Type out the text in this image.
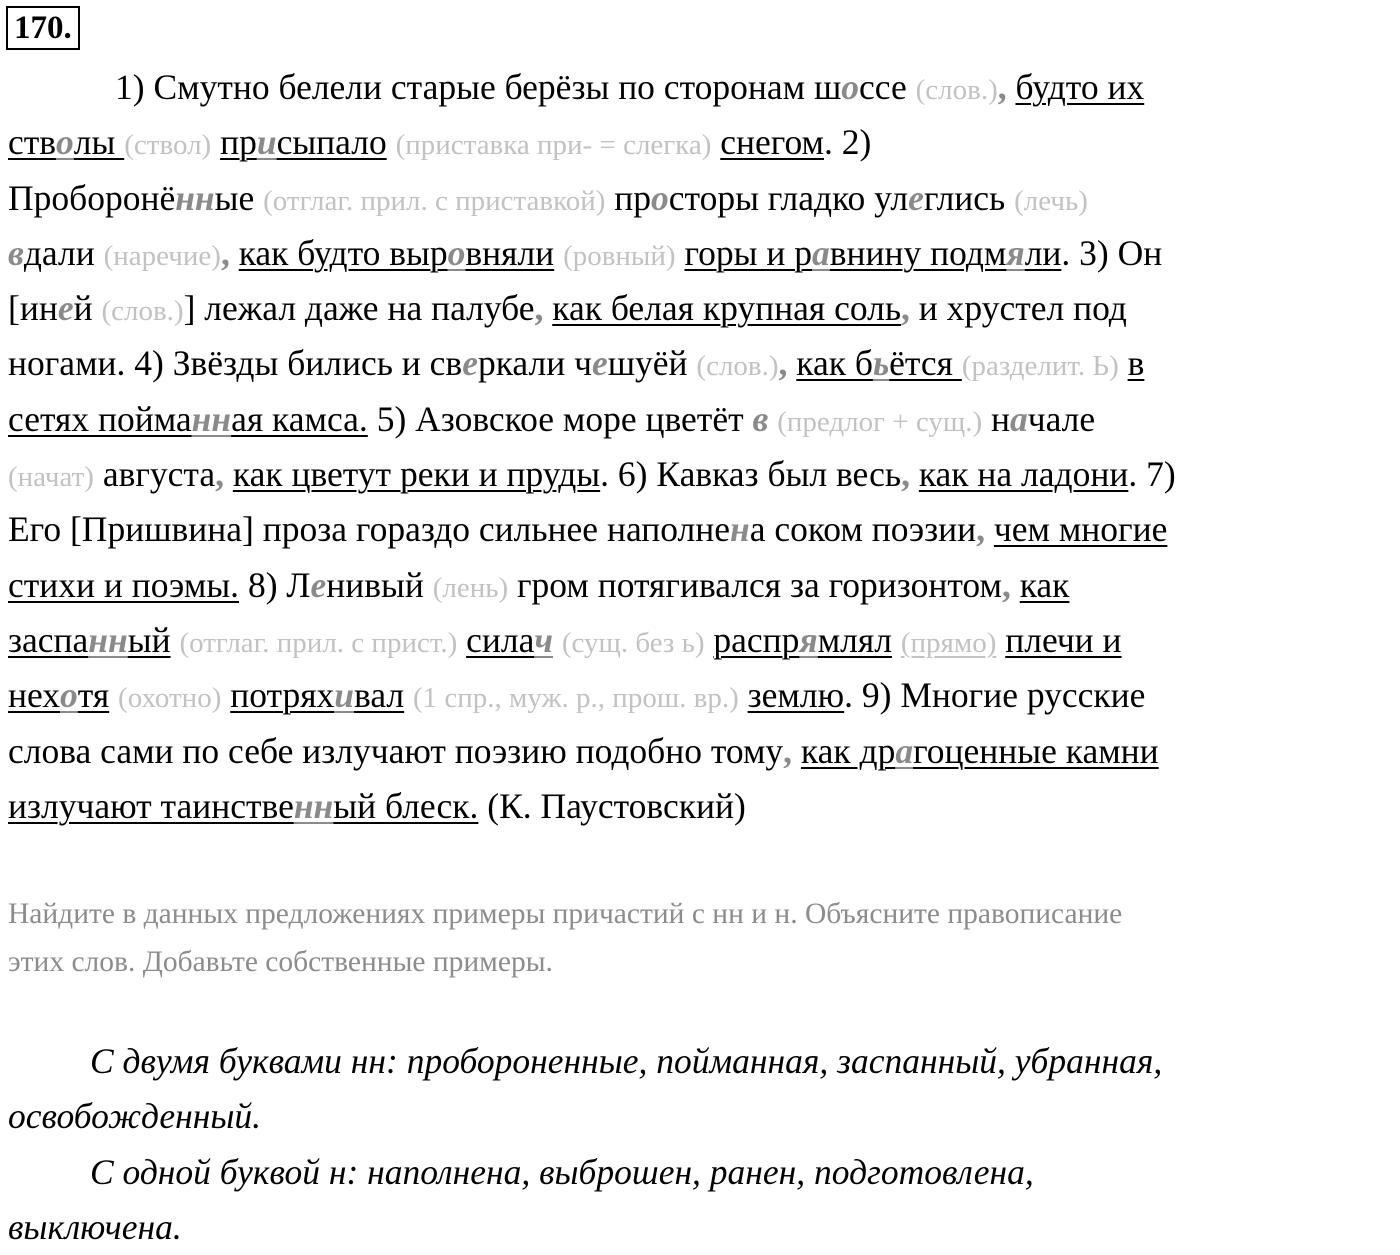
170.
1) Смутно белели старые берёзы по сторонам шоссе (слов.), будто их
стволы (ствол) присыпало (приставка при- = слегка) снегом. 2)
Проборонённые (отглаг. прил. с приставкой) просторы гладко улеглись (лечь)
вдали (наречие), как будто выровняли (ровный) горы и равнину подмяли. 3) Он
[иней (слов.)] лежал даже на палубе, как белая крупная соль, и хрустел под
ногами. 4) Звёзды бились и сверкали чешуёй (слов.), как бьётся (разделит. Ь) в
сетях пойманная камса. 5) Азовское море цветёт в (предлог + сущ.) начале
(начат) августа, как цветут реки и пруды. 6) Кавказ был весь, как на ладони. 7)
Его [Пришвина] проза гораздо сильнее наполнена соком поэзии, чем многие
стихи и поэмы. 8) Ленивый (лень) гром потягивался за горизонтом, как
заспанный (отглаг. прил. с прист.) силач (сущ. без ь) распрямлял (прямо) плечи и
нехотя (охотно) потряхивал (1 спр., муж. р., прош. вр.) землю. 9) Многие русские
слова сами по себе излучают поэзию подобно тому, как драгоценные камни
излучают таинственный блеск. (К. Паустовский)
Найдите в данных предложениях примеры причастий с нн и н. Объясните правописание
этих слов. Добавьте собственные примеры.
С двумя буквами нн: пробороненные, пойманная, заспанный, убранная,
освобожденный.
С одной буквой н: наполнена, выброшен, ранен, подготовлена,
выключена.
